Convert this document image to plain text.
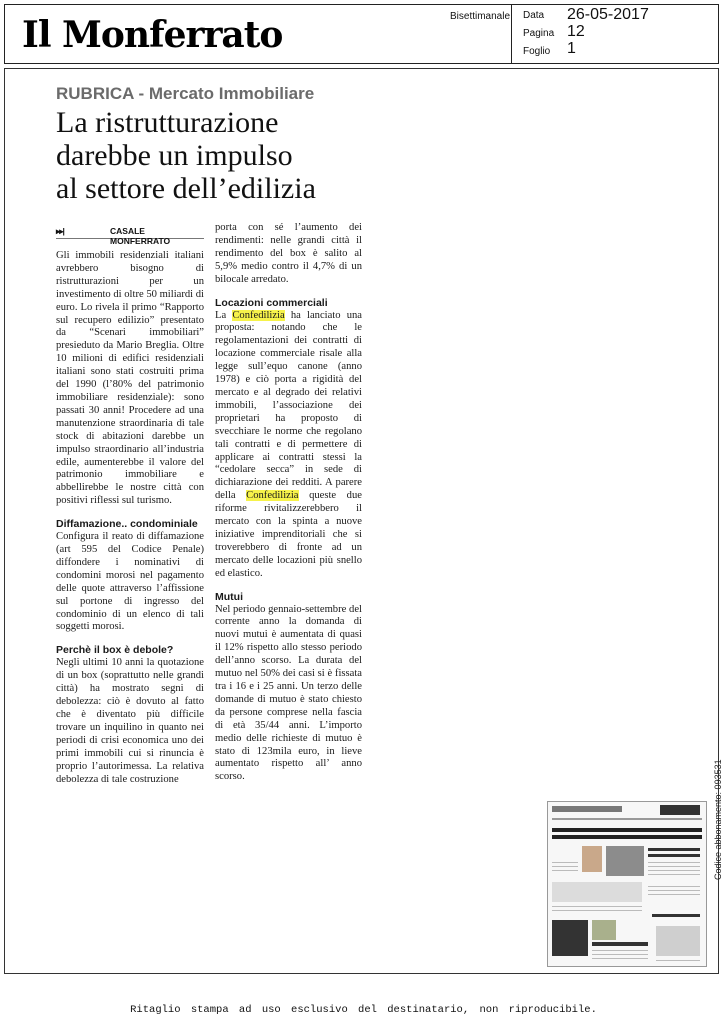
Il Monferrato	Bisettimanale Data 26-05-2017
Pagina 12
Foglio 1
RUBRICA - Mercato Immobiliare
La ristrutturazione
darebbe un impulso
al settore dell’edilizia
▸▸|	CASALE MONFERRATO

Gli immobili residenziali italiani avrebbero bisogno di ristrutturazioni per un investimento di oltre 50 miliardi di euro. Lo rivela il primo “Rapporto sul recupero edilizio” presentato da “Scenari immobiliari” presieduto da Mario Breglia. Oltre 10 milioni di edifici residenziali italiani sono stati costruiti prima del 1990 (l’80% del patrimonio immobiliare residenziale): sono passati 30 anni! Procedere ad una manutenzione straordinaria di tale stock di abitazioni darebbe un impulso straordinario all’industria edile, aumenterebbe il valore del patrimonio immobiliare e abbellirebbe le nostre città con positivi riflessi sul turismo.

Diffamazione.. condominiale

Configura il reato di diffamazione (art 595 del Codice Penale) diffondere i nominativi di condomini morosi nel pagamento delle quote attraverso l’affissione sul portone di ingresso del condominio di un elenco di tali soggetti morosi.

Perchè il box è debole?

Negli ultimi 10 anni la quotazione di un box (soprattutto nelle grandi città) ha mostrato segni di debolezza: ciò è dovuto al fatto che è diventato più difficile trovare un inquilino in quanto nei periodi di crisi economica uno dei primi immobili cui si rinuncia è proprio l’autorimessa. La relativa debolezza di tale costruzione

porta con sé l’aumento dei rendimenti: nelle grandi città il rendimento del box è salito al 5,9% medio contro il 4,7% di un bilocale arredato.

Locazioni commerciali

La Confedilizia ha lanciato una proposta: notando che le regolamentazioni dei contratti di locazione commerciale risale alla legge sull’equo canone (anno 1978) e ciò porta a rigidità del mercato e al degrado dei relativi immobili, l’associazione dei proprietari ha proposto di svecchiare le norme che regolano tali contratti e di permettere di applicare ai contratti stessi la “cedolare secca” in sede di dichiarazione dei redditi. A parere della Confedilizia queste due riforme rivitalizzerebbero il mercato con la spinta a nuove iniziative imprenditoriali che si troverebbero di fronte ad un mercato delle locazioni più snello ed elastico.

Mutui

Nel periodo gennaio-settembre del corrente anno la domanda di nuovi mutui è aumentata di quasi il 12% rispetto allo stesso periodo dell’anno scorso. La durata del mutuo nel 50% dei casi si è fissata tra i 16 e i 25 anni. Un terzo delle domande di mutuo è stato chiesto da persone comprese nella fascia di età 35/44 anni. L’importo medio delle richieste di mutuo è stato di 123mila euro, in lieve aumentato rispetto all’ anno scorso.	Codice abbonamento: 093531
Ritaglio stampa ad uso esclusivo del destinatario, non riproducibile.
